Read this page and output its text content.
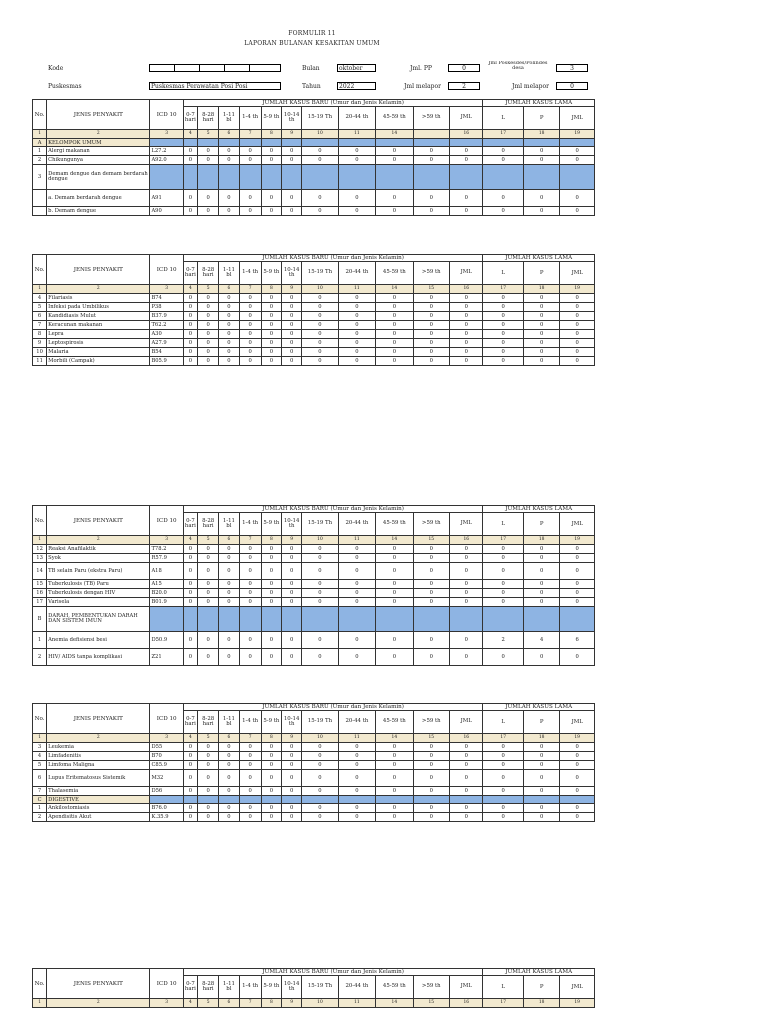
FORMULIR 11
LAPORAN BULANAN KESAKITAN UMUM
Kode
Puskesmas	Puskesmas Perawatan Posi Posi
Bulan	oktober
Tahun	2022
Jml. PP	0
Jml melapor	2
Jml Poskesdes/Polindes desa	3
Jml melapor	0
No.	JENIS PENYAKIT	ICD 10	JUMLAH KASUS BARU (Umur dan Jenis Kelamin)											JUMLAH KASUS LAMA		
			0-7 hari	8-28 hari	1-11 bl	1-4 th	5-9 th	10-14 th	15-19 Th	20-44 th	45-59 th	>59 th	JML	L	P	JML
1	2	3	4	5	6	7	8	9	10	11	14		16	17	18	19
A	KELOMPOK UMUM															
1	Alergi makanan	L27.2	0	0	0	0	0	0	0	0	0	0	0	0	0	0
2	Chikungunya	A92.0	0	0	0	0	0	0	0	0	0	0	0	0	0	0
3	Demam dengue dan demam berdarah dengue															
	a. Demam berdarah dengue	A91	0	0	0	0	0	0	0	0	0	0	0	0	0	0
	b. Demam dengue	A90	0	0	0	0	0	0	0	0	0	0	0	0	0	0
No.	JENIS PENYAKIT	ICD 10	JUMLAH KASUS BARU (Umur dan Jenis Kelamin)											JUMLAH KASUS LAMA		
			0-7 hari	8-28 hari	1-11 bl	1-4 th	5-9 th	10-14 th	15-19 Th	20-44 th	45-59 th	>59 th	JML	L	P	JML
1	2	3	4	5	6	7	8	9	10	11	14	15	16	17	18	19
4	Filariasis	B74	0	0	0	0	0	0	0	0	0	0	0	0	0	0
5	Infeksi pada Umbilikus	P38	0	0	0	0	0	0	0	0	0	0	0	0	0	0
6	Kandidiasis Mulut	B37.9	0	0	0	0	0	0	0	0	0	0	0	0	0	0
7	Keracunan makanan	T62.2	0	0	0	0	0	0	0	0	0	0	0	0	0	0
8	Lepra	A30	0	0	0	0	0	0	0	0	0	0	0	0	0	0
9	Leptospirosis	A27.9	0	0	0	0	0	0	0	0	0	0	0	0	0	0
10	Malaria	B54	0	0	0	0	0	0	0	0	0	0	0	0	0	0
11	Morbili (Campak)	B05.9	0	0	0	0	0	0	0	0	0	0	0	0	0	0
No.	JENIS PENYAKIT	ICD 10	JUMLAH KASUS BARU (Umur dan Jenis Kelamin)											JUMLAH KASUS LAMA		
			0-7 hari	8-28 hari	1-11 bl	1-4 th	5-9 th	10-14 th	15-19 Th	20-44 th	45-59 th	>59 th	JML	L	P	JML
1	2	3	4	5	6	7	8	9	10	11	14	15	16	17	18	19
12	Reaksi Anafilaktik	T78.2	0	0	0	0	0	0	0	0	0	0	0	0	0	0
13	Syok	R57.9	0	0	0	0	0	0	0	0	0	0	0	0	0	0
14	TB selain Paru (ekstra Paru)	A18	0	0	0	0	0	0	0	0	0	0	0	0	0	0
15	Tuberkulosis (TB) Paru	A15	0	0	0	0	0	0	0	0	0	0	0	0	0	0
16	Tuberkulosis dengan HIV	B20.0	0	0	0	0	0	0	0	0	0	0	0	0	0	0
17	Varisela	B01.9	0	0	0	0	0	0	0	0	0	0	0	0	0	0
B	DARAH, PEMBENTUKAN DARAH DAN SISTEM IMUN															
1	Anemia defisiensi besi	D50.9	0	0	0	0	0	0	0	0	0	0	0	2	4	6
2	HIV/ AIDS tanpa komplikasi	Z21	0	0	0	0	0	0	0	0	0	0	0	0	0	0
No.	JENIS PENYAKIT	ICD 10	JUMLAH KASUS BARU (Umur dan Jenis Kelamin)											JUMLAH KASUS LAMA		
			0-7 hari	8-28 hari	1-11 bl	1-4 th	5-9 th	10-14 th	15-19 Th	20-44 th	45-59 th	>59 th	JML	L	P	JML
1	2	3	4	5	6	7	8	9	10	11	14	15	16	17	18	19
3	Leukemia	D55	0	0	0	0	0	0	0	0	0	0	0	0	0	0
4	Limfadenitis	B70	0	0	0	0	0	0	0	0	0	0	0	0	0	0
5	Limfoma Maligna	C85.9	0	0	0	0	0	0	0	0	0	0	0	0	0	0
6	Lupus Eritematosus Sistemik	M32	0	0	0	0	0	0	0	0	0	0	0	0	0	0
7	Thalasemia	D56	0	0	0	0	0	0	0	0	0	0	0	0	0	0
C	DIGESTIVE															
1	Ankilostomiasis	B76.0	0	0	0	0	0	0	0	0	0	0	0	0	0	0
2	Apendisitis Akut	K.35.9	0	0	0	0	0	0	0	0	0	0	0	0	0	0
No.	JENIS PENYAKIT	ICD 10	JUMLAH KASUS BARU (Umur dan Jenis Kelamin)											JUMLAH KASUS LAMA		
			0-7 hari	8-28 hari	1-11 bl	1-4 th	5-9 th	10-14 th	15-19 Th	20-44 th	45-59 th	>59 th	JML	L	P	JML
1	2	3	4	5	6	7	8	9	10	11	14	15	16	17	18	19
